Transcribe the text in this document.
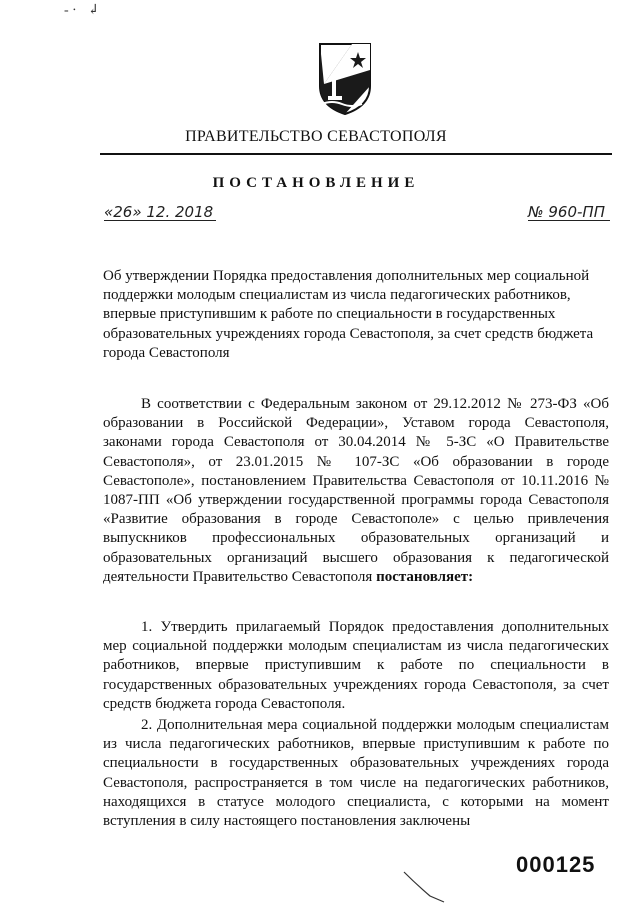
-∙ ↲
ПРАВИТЕЛЬСТВО СЕВАСТОПОЛЯ
ПОСТАНОВЛЕНИЕ
«26» 12. 2018	№ 960-ПП
Об утверждении Порядка предоставления дополнительных мер социальной поддержки молодым специалистам из числа педагогических работников, впервые приступившим к работе по специальности в государственных образовательных учреждениях города Севастополя, за счет средств бюджета города Севастополя
В соответствии с Федеральным законом от 29.12.2012 № 273-ФЗ «Об образовании в Российской Федерации», Уставом города Севастополя, законами города Севастополя от 30.04.2014 № 5-ЗС «О Правительстве Севастополя», от 23.01.2015 № 107-ЗС «Об образовании в городе Севастополе», постановлением Правительства Севастополя от 10.11.2016 № 1087-ПП «Об утверждении государственной программы города Севастополя «Развитие образования в городе Севастополе» с целью привлечения выпускников профессиональных образовательных организаций и образовательных организаций высшего образования к педагогической деятельности Правительство Севастополя постановляет:
1. Утвердить прилагаемый Порядок предоставления дополнительных мер социальной поддержки молодым специалистам из числа педагогических работников, впервые приступившим к работе по специальности в государственных образовательных учреждениях города Севастополя, за счет средств бюджета города Севастополя.
2. Дополнительная мера социальной поддержки молодым специалистам из числа педагогических работников, впервые приступившим к работе по специальности в государственных образовательных учреждениях города Севастополя, распространяется в том числе на педагогических работников, находящихся в статусе молодого специалиста, с которыми на момент вступления в силу настоящего постановления заключены
000125
